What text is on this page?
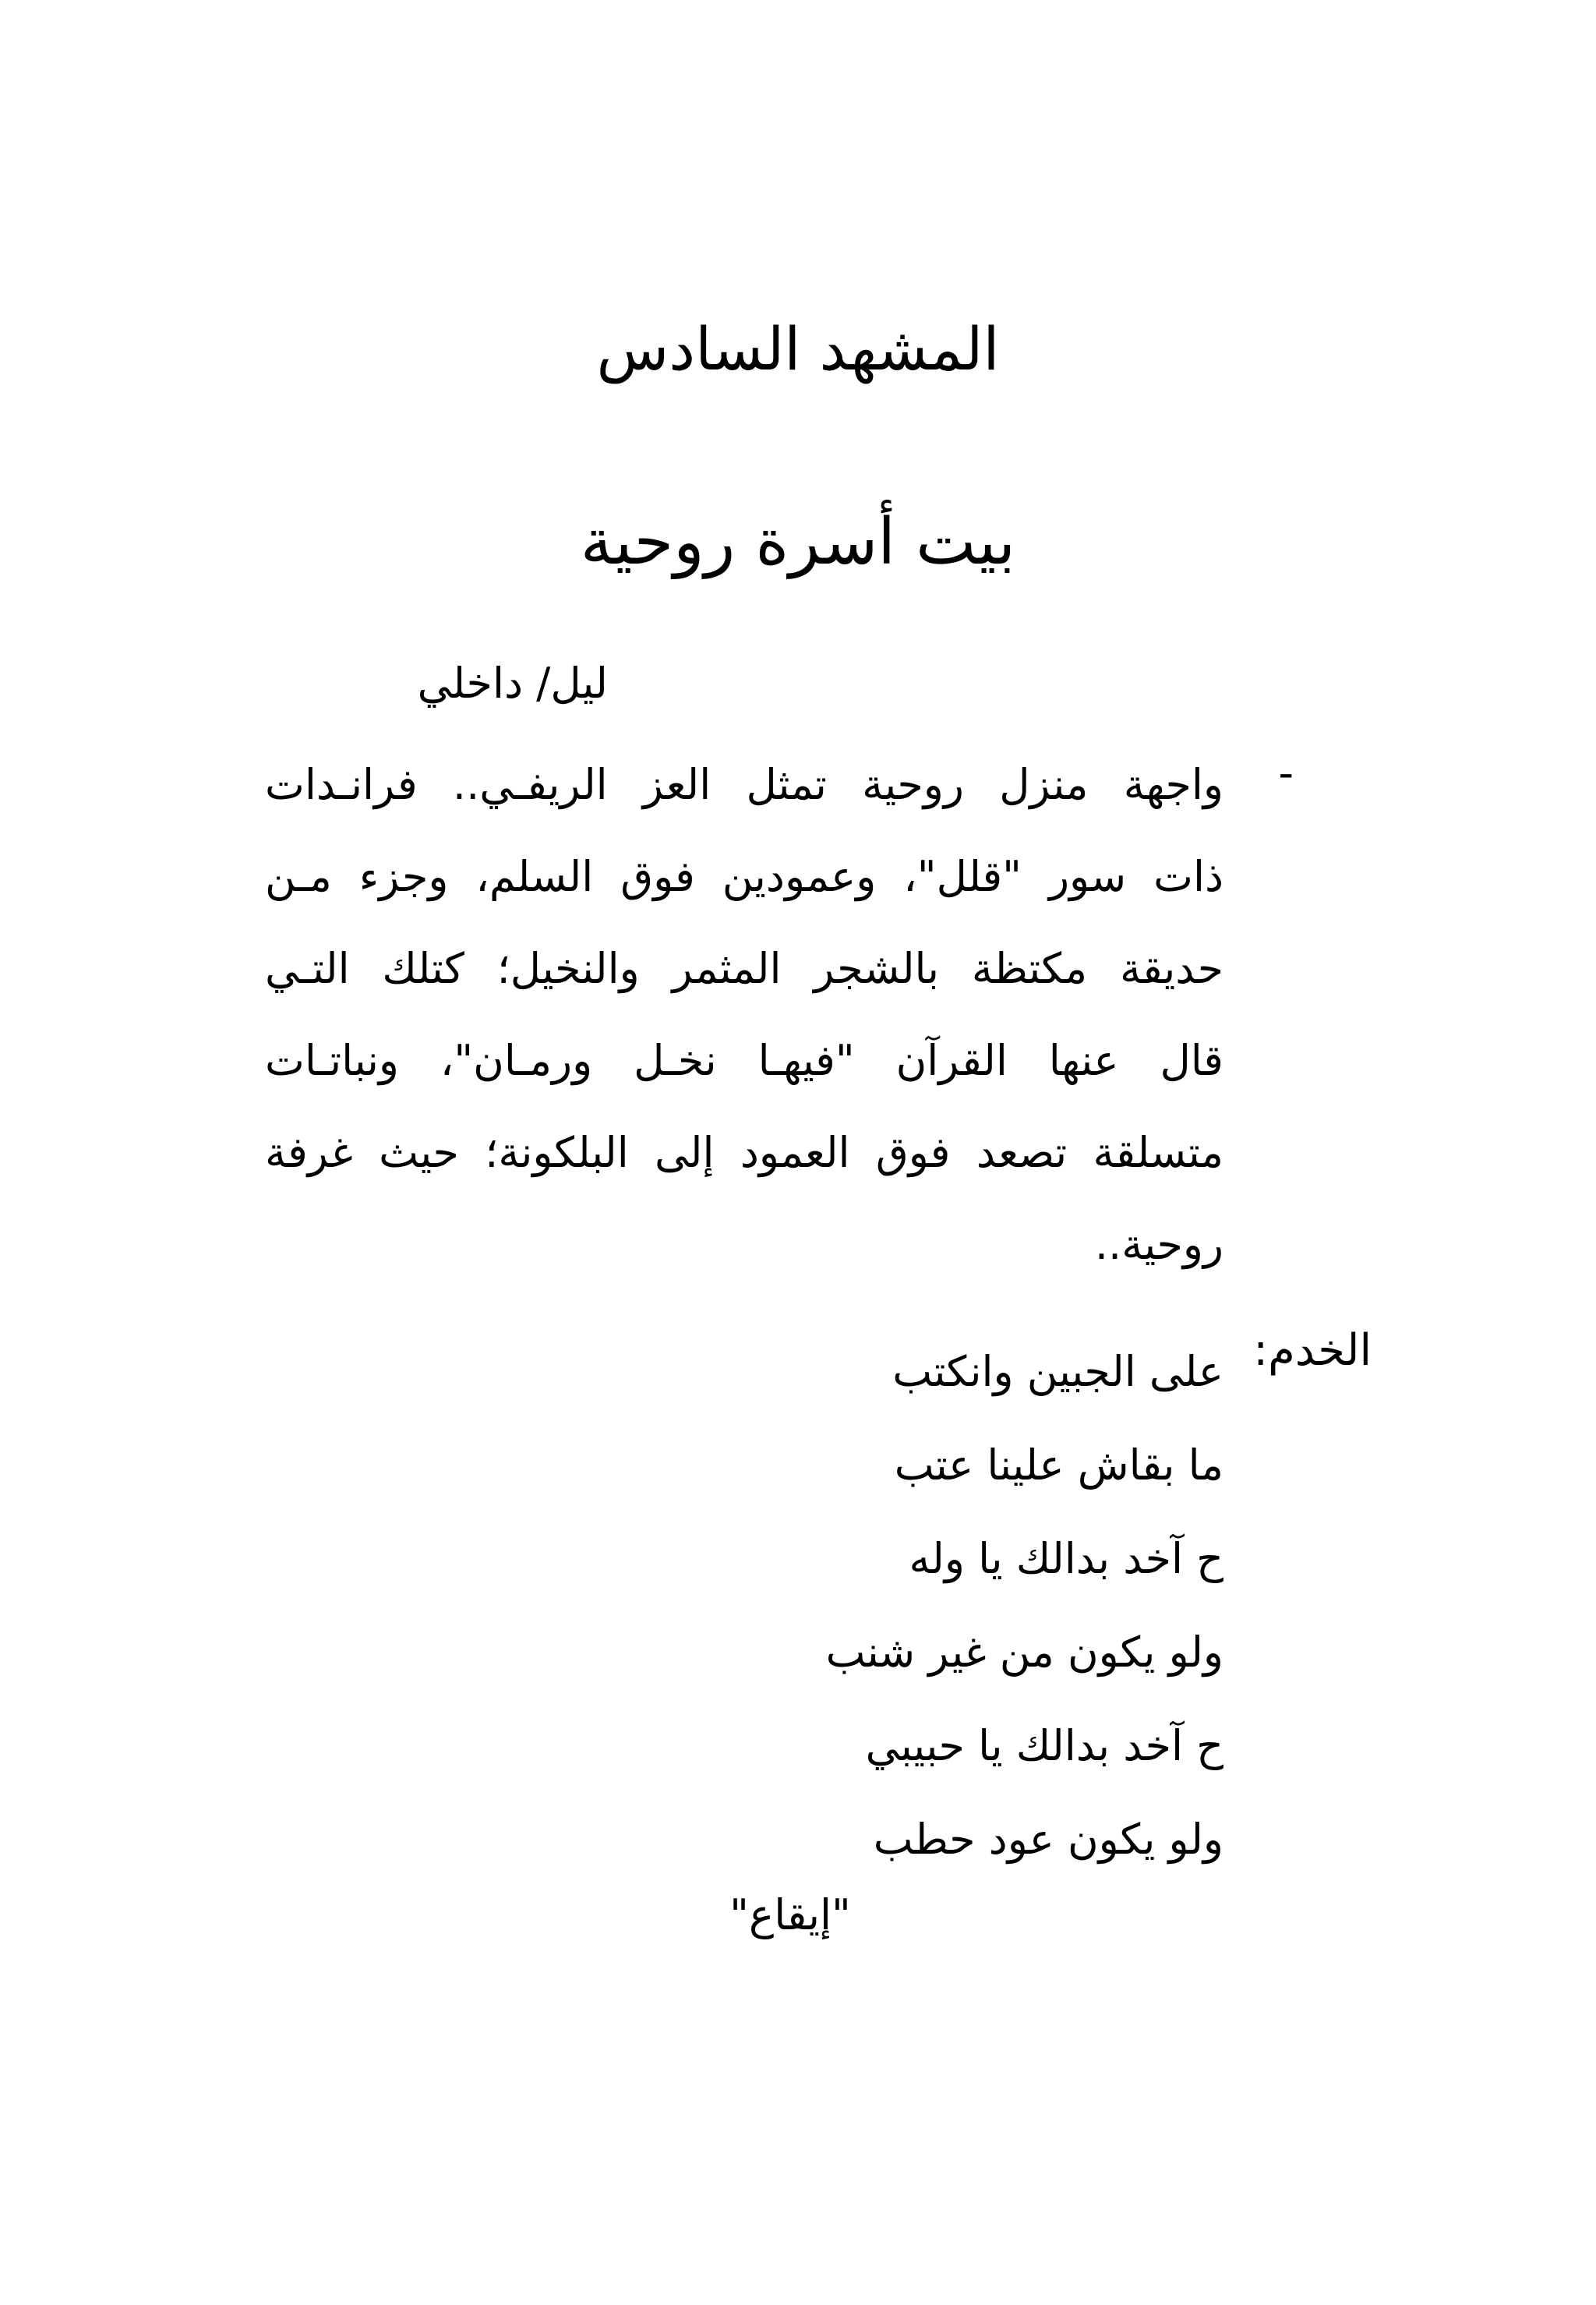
المشهد السادس
بيت أسرة روحية
ليل/ داخلي
-
واجهة منزل روحية تمثل العز الريفـي.. فرانـدات
ذات سور "قلل"، وعمودين فوق السلم، وجزء مـن
حديقة مكتظة بالشجر المثمر والنخيل؛ كتلك التـي
قال عنها القرآن "فيهـا نخـل ورمـان"، ونباتـات
متسلقة تصعد فوق العمود إلى البلكونة؛ حيث غرفة
روحية..
الخدم:
على الجبين وانكتب
ما بقاش علينا عتب
ح آخد بدالك يا وله
ولو يكون من غير شنب
ح آخد بدالك يا حبيبي
ولو يكون عود حطب
"إيقاع"
